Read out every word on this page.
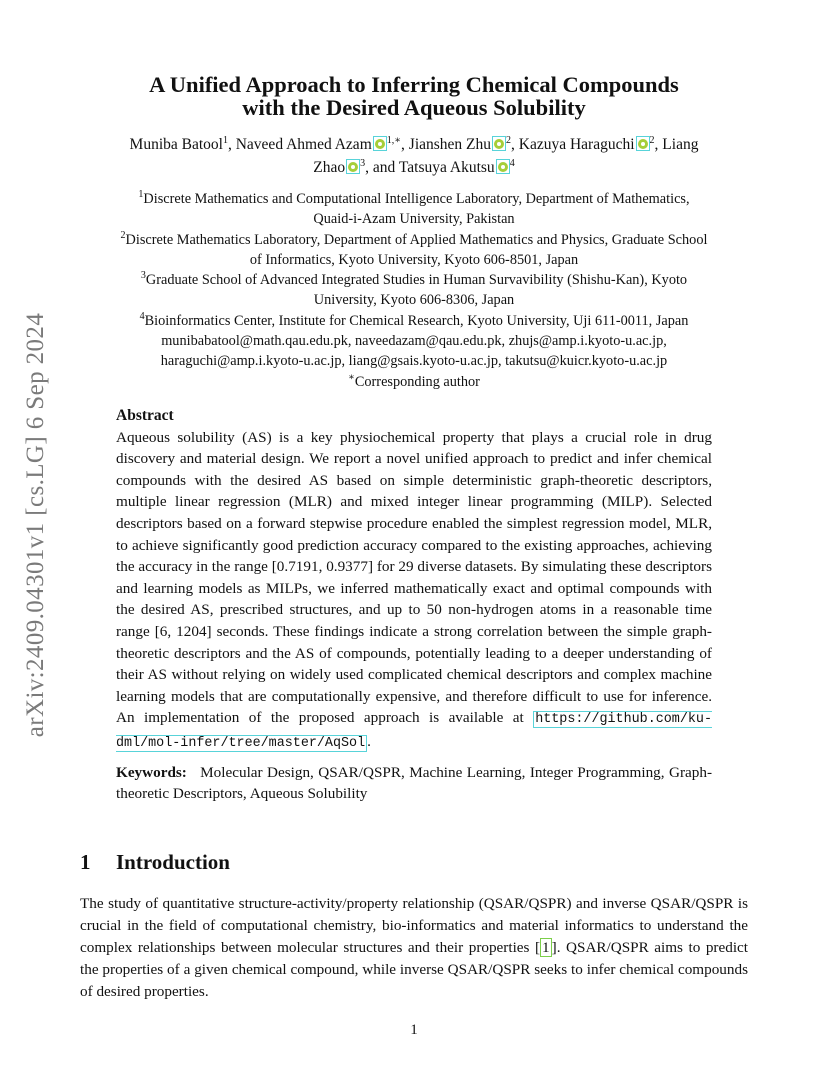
arXiv:2409.04301v1 [cs.LG] 6 Sep 2024
A Unified Approach to Inferring Chemical Compounds
with the Desired Aqueous Solubility
Muniba Batool$^1$, Naveed Ahmed Azam $^{1,∗}$, Jianshen Zhu $^2$, Kazuya Haraguchi $^2$, Liang
Zhao $^3$, and Tatsuya Akutsu $^4$

$^1$Discrete Mathematics and Computational Intelligence Laboratory, Department of Mathematics,
Quaid-i-Azam University, Pakistan

$^2$Discrete Mathematics Laboratory, Department of Applied Mathematics and Physics, Graduate School
of Informatics, Kyoto University, Kyoto 606-8501, Japan

$^3$Graduate School of Advanced Integrated Studies in Human Survavibility (Shishu-Kan), Kyoto
University, Kyoto 606-8306, Japan

$^4$Bioinformatics Center, Institute for Chemical Research, Kyoto University, Uji 611-0011, Japan

munibabatool@math.qau.edu.pk, naveedazam@qau.edu.pk, zhujs@amp.i.kyoto-u.ac.jp,
haraguchi@amp.i.kyoto-u.ac.jp, liang@gsais.kyoto-u.ac.jp, takutsu@kuicr.kyoto-u.ac.jp

∗Corresponding author

Abstract

Aqueous solubility (AS) is a key physiochemical property that plays a crucial role in drug discovery and material design. We report a novel unified approach to predict and infer chemical compounds with the desired AS based on simple deterministic graph-theoretic descriptors, multiple linear regression (MLR) and mixed integer linear programming (MILP). Selected descriptors based on a forward stepwise procedure enabled the simplest regression model, MLR, to achieve significantly good prediction accuracy compared to the existing approaches, achieving the accuracy in the range [0.7191, 0.9377] for 29 diverse datasets. By simulating these descriptors and learning models as MILPs, we inferred mathematically exact and optimal compounds with the desired AS, prescribed structures, and up to 50 non-hydrogen atoms in a reasonable time range [6, 1204] seconds. These findings indicate a strong correlation between the simple graph-theoretic descriptors and the AS of compounds, potentially leading to a deeper understanding of their AS without relying on widely used complicated chemical descriptors and complex machine learning models that are computationally expensive, and therefore difficult to use for inference. An implementation of the proposed approach is available at https://github.com/ku-dml/mol-infer/tree/master/AqSol .

Keywords: Molecular Design, QSAR/QSPR, Machine Learning, Integer Programming, Graph-theoretic Descriptors, Aqueous Solubility

1 Introduction

The study of quantitative structure-activity/property relationship (QSAR/QSPR) and inverse QSAR/QSPR is crucial in the field of computational chemistry, bio-informatics and material informatics to understand the complex relationships between molecular structures and their properties [ 1 ]. QSAR/QSPR aims to predict the properties of a given chemical compound, while inverse QSAR/QSPR seeks to infer chemical compounds of desired properties.

1
